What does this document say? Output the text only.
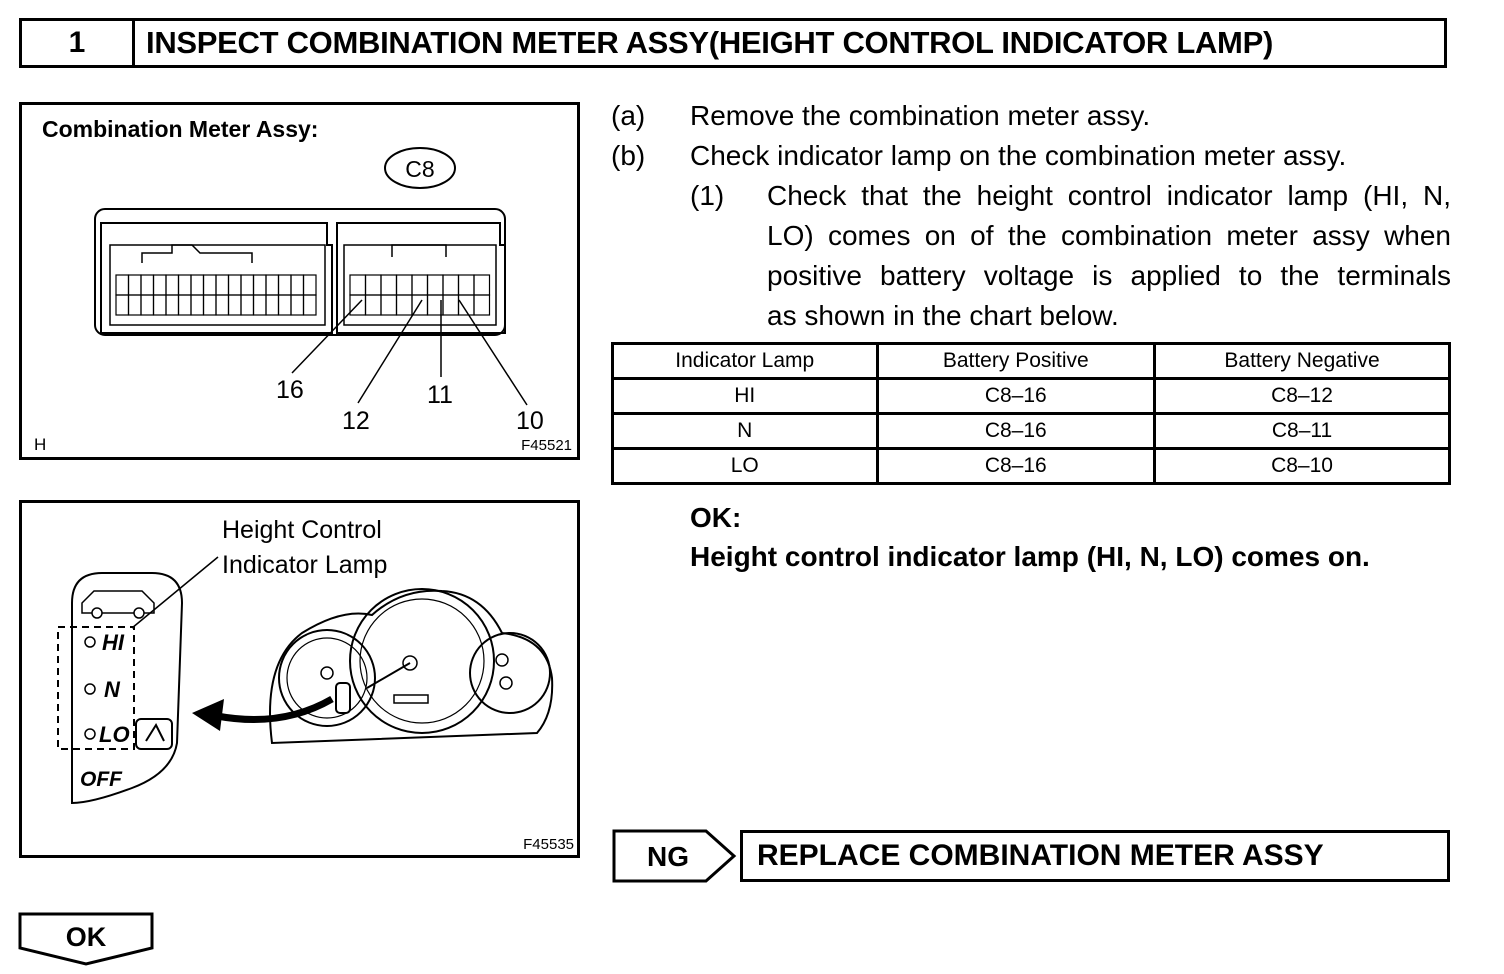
1	INSPECT COMBINATION METER ASSY(HEIGHT CONTROL INDICATOR LAMP)
Combination Meter Assy:
C8
16
12
11
10
H	F45521
Height Control
Indicator Lamp
HI
N
LO
OFF
F45535
(a) Remove the combination meter assy.
(b) Check indicator lamp on the combination meter assy.
(1) Check that the height control indicator lamp (HI, N,
LO) comes on of the combination meter assy when
positive battery voltage is applied to the terminals
as shown in the chart below.
Indicator Lamp	Battery Positive	Battery Negative
HI	C8–16	C8–12
N	C8–16	C8–11
LO	C8–16	C8–10
OK:
Height control indicator lamp (HI, N, LO) comes on.
NG	REPLACE COMBINATION METER ASSY
OK
